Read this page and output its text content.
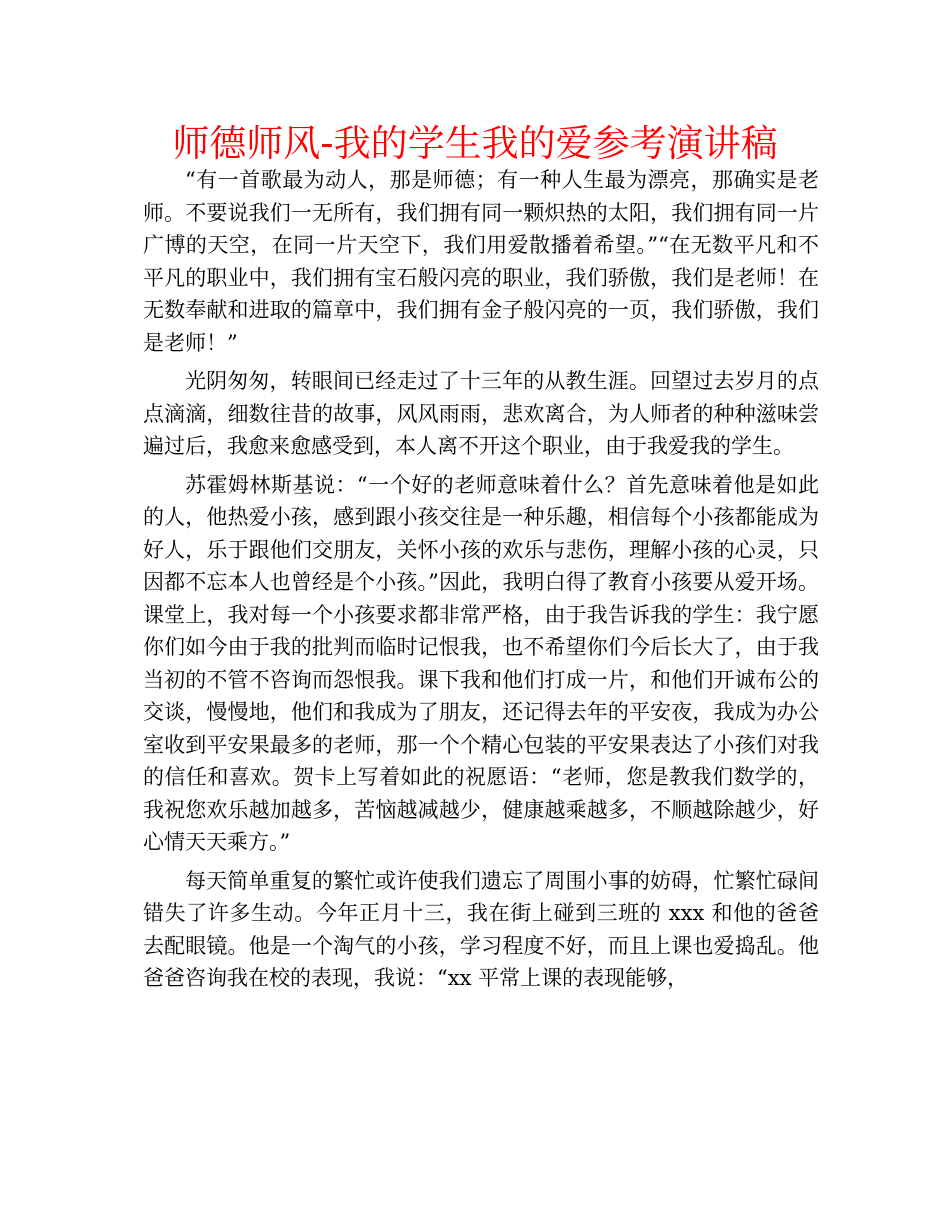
师德师风-我的学生我的爱参考演讲稿

“有一首歌最为动人，那是师德；有一种人生最为漂亮，那确实是老师。不要说我们一无所有，我们拥有同一颗炽热的太阳，我们拥有同一片广博的天空，在同一片天空下，我们用爱散播着希望。”“在无数平凡和不平凡的职业中，我们拥有宝石般闪亮的职业，我们骄傲，我们是老师！在无数奉献和进取的篇章中，我们拥有金子般闪亮的一页，我们骄傲，我们是老师！”

光阴匆匆，转眼间已经走过了十三年的从教生涯。回望过去岁月的点点滴滴，细数往昔的故事，风风雨雨，悲欢离合，为人师者的种种滋味尝遍过后，我愈来愈感受到，本人离不开这个职业，由于我爱我的学生。

苏霍姆林斯基说：“一个好的老师意味着什么？首先意味着他是如此的人，他热爱小孩，感到跟小孩交往是一种乐趣，相信每个小孩都能成为好人，乐于跟他们交朋友，关怀小孩的欢乐与悲伤，理解小孩的心灵，只因都不忘本人也曾经是个小孩。”因此，我明白得了教育小孩要从爱开场。课堂上，我对每一个小孩要求都非常严格，由于我告诉我的学生：我宁愿你们如今由于我的批判而临时记恨我，也不希望你们今后长大了，由于我当初的不管不咨询而怨恨我。课下我和他们打成一片，和他们开诚布公的交谈，慢慢地，他们和我成为了朋友，还记得去年的平安夜，我成为办公室收到平安果最多的老师，那一个个精心包装的平安果表达了小孩们对我的信任和喜欢。贺卡上写着如此的祝愿语：“老师，您是教我们数学的，我祝您欢乐越加越多，苦恼越减越少，健康越乘越多，不顺越除越少，好心情天天乘方。”

每天简单重复的繁忙或许使我们遗忘了周围小事的妨碍，忙繁忙碌间错失了许多生动。今年正月十三，我在街上碰到三班的 xxx 和他的爸爸去配眼镜。他是一个淘气的小孩，学习程度不好，而且上课也爱捣乱。他爸爸咨询我在校的表现，我说：“xx 平常上课的表现能够，
